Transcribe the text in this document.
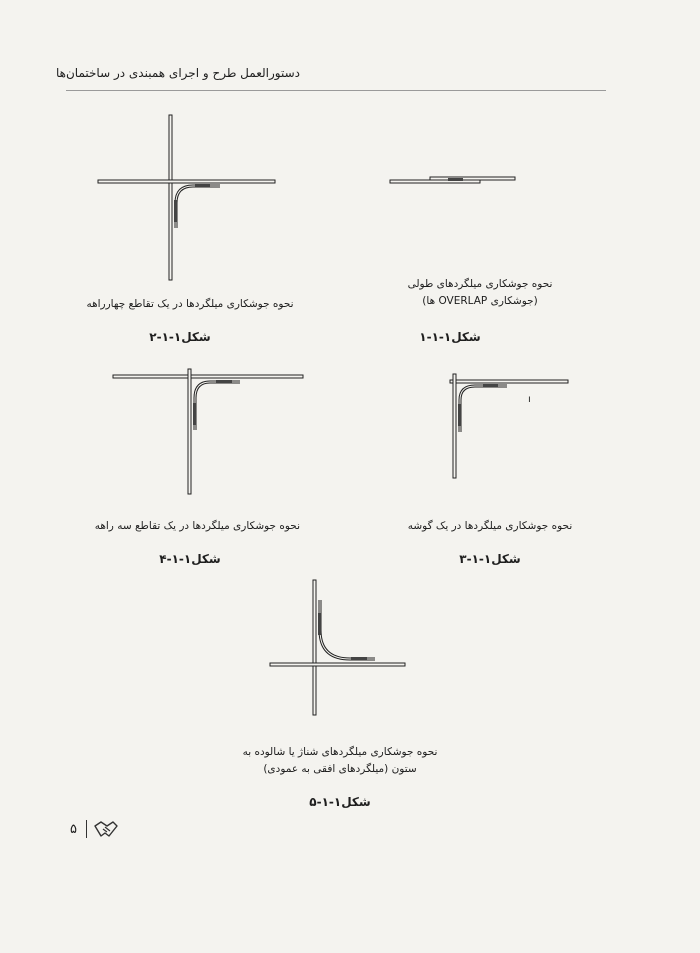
دستورالعمل طرح و اجرای همبندی در ساختمان‌ها
نحوه جوشکاری میلگردهای طولی
(جوشکاری OVERLAP ها)
شکل۱-۱-۱
نحوه جوشکاری میلگردها در یک تقاطع چهارراهه
شکل۱-۱-۲
ı
نحوه جوشکاری میلگردها در یک گوشه
شکل۱-۱-۳
نحوه جوشکاری میلگردها در یک تقاطع سه راهه
شکل۱-۱-۴
نحوه جوشکاری میلگردهای شناژ یا شالوده به
ستون (میلگردهای افقی به عمودی)
شکل۱-۱-۵
۵
